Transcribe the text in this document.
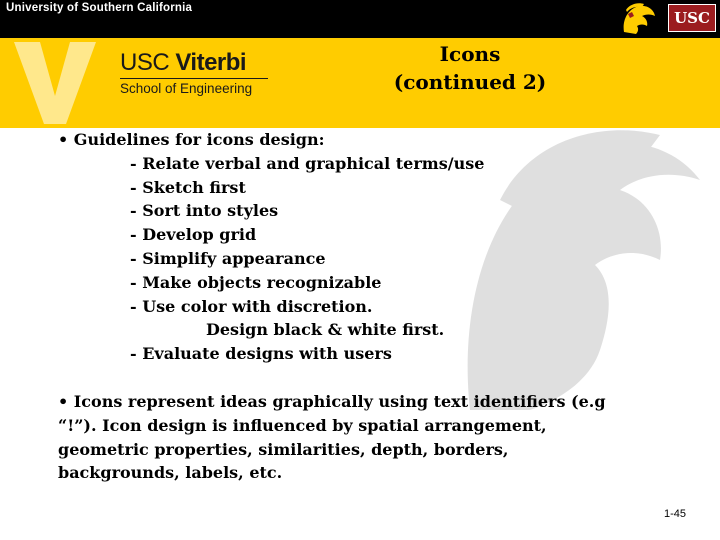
University of Southern California
USC
USC Viterbi
School of Engineering
Icons
(continued 2)
• Guidelines for icons design:
- Relate verbal and graphical terms/use
- Sketch first
- Sort into styles
- Develop grid
- Simplify appearance
- Make objects recognizable
- Use color with discretion.
Design black & white first.
- Evaluate designs with users
• Icons represent ideas graphically using text identifiers (e.g
“!”). Icon design is influenced by spatial arrangement,
geometric properties, similarities, depth, borders,
backgrounds, labels, etc.
1-45
